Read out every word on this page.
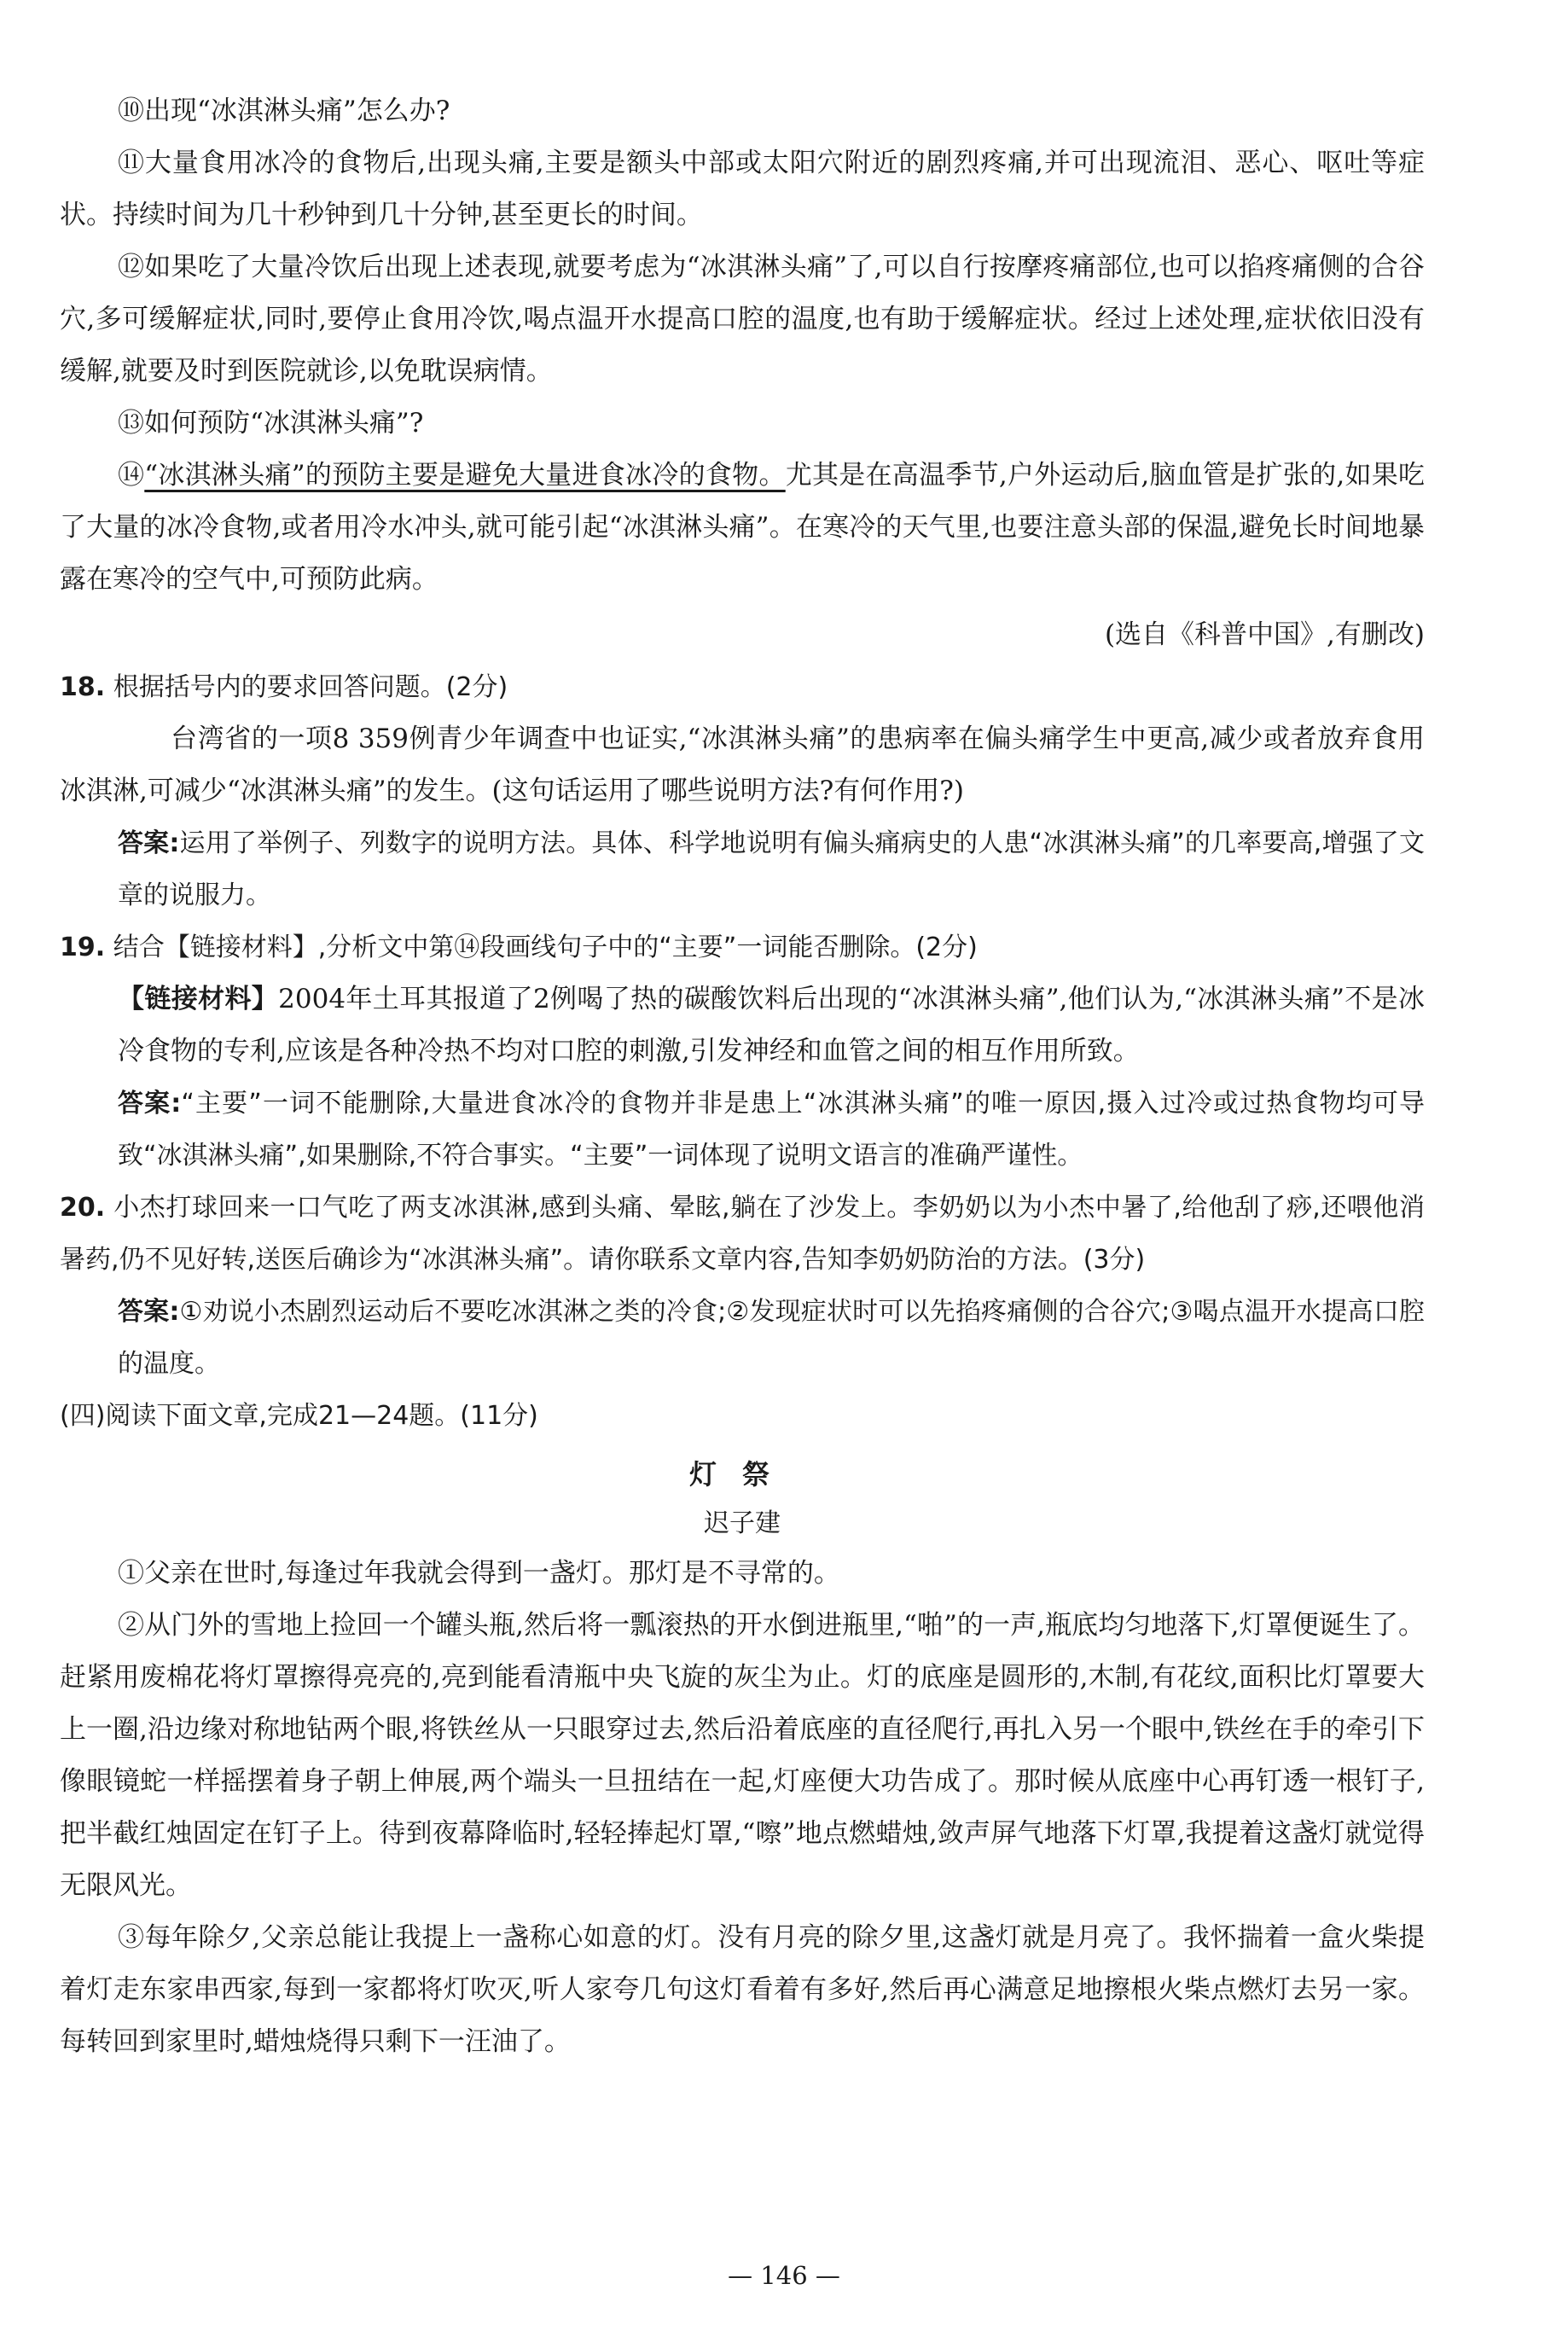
⑩出现“冰淇淋头痛”怎么办?

⑪大量食用冰冷的食物后,出现头痛,主要是额头中部或太阳穴附近的剧烈疼痛,并可出现流泪、恶心、呕吐等症状。持续时间为几十秒钟到几十分钟,甚至更长的时间。

⑫如果吃了大量冷饮后出现上述表现,就要考虑为“冰淇淋头痛”了,可以自行按摩疼痛部位,也可以掐疼痛侧的合谷穴,多可缓解症状,同时,要停止食用冷饮,喝点温开水提高口腔的温度,也有助于缓解症状。经过上述处理,症状依旧没有缓解,就要及时到医院就诊,以免耽误病情。

⑬如何预防“冰淇淋头痛”?

⑭“冰淇淋头痛”的预防主要是避免大量进食冰冷的食物。尤其是在高温季节,户外运动后,脑血管是扩张的,如果吃了大量的冰冷食物,或者用冷水冲头,就可能引起“冰淇淋头痛”。在寒冷的天气里,也要注意头部的保温,避免长时间地暴露在寒冷的空气中,可预防此病。

(选自《科普中国》,有删改)

18. 根据括号内的要求回答问题。(2分)

台湾省的一项8 359例青少年调查中也证实,“冰淇淋头痛”的患病率在偏头痛学生中更高,减少或者放弃食用冰淇淋,可减少“冰淇淋头痛”的发生。(这句话运用了哪些说明方法?有何作用?)

答案:运用了举例子、列数字的说明方法。具体、科学地说明有偏头痛病史的人患“冰淇淋头痛”的几率要高,增强了文章的说服力。

19. 结合【链接材料】,分析文中第⑭段画线句子中的“主要”一词能否删除。(2分)

【链接材料】2004年土耳其报道了2例喝了热的碳酸饮料后出现的“冰淇淋头痛”,他们认为,“冰淇淋头痛”不是冰冷食物的专利,应该是各种冷热不均对口腔的刺激,引发神经和血管之间的相互作用所致。

答案:“主要”一词不能删除,大量进食冰冷的食物并非是患上“冰淇淋头痛”的唯一原因,摄入过冷或过热食物均可导致“冰淇淋头痛”,如果删除,不符合事实。“主要”一词体现了说明文语言的准确严谨性。

20. 小杰打球回来一口气吃了两支冰淇淋,感到头痛、晕眩,躺在了沙发上。李奶奶以为小杰中暑了,给他刮了痧,还喂他消暑药,仍不见好转,送医后确诊为“冰淇淋头痛”。请你联系文章内容,告知李奶奶防治的方法。(3分)

答案:①劝说小杰剧烈运动后不要吃冰淇淋之类的冷食;②发现症状时可以先掐疼痛侧的合谷穴;③喝点温开水提高口腔的温度。

(四)阅读下面文章,完成21—24题。(11分)

灯祭
迟子建

①父亲在世时,每逢过年我就会得到一盏灯。那灯是不寻常的。

②从门外的雪地上捡回一个罐头瓶,然后将一瓢滚热的开水倒进瓶里,“啪”的一声,瓶底均匀地落下,灯罩便诞生了。赶紧用废棉花将灯罩擦得亮亮的,亮到能看清瓶中央飞旋的灰尘为止。灯的底座是圆形的,木制,有花纹,面积比灯罩要大上一圈,沿边缘对称地钻两个眼,将铁丝从一只眼穿过去,然后沿着底座的直径爬行,再扎入另一个眼中,铁丝在手的牵引下像眼镜蛇一样摇摆着身子朝上伸展,两个端头一旦扭结在一起,灯座便大功告成了。那时候从底座中心再钉透一根钉子,把半截红烛固定在钉子上。待到夜幕降临时,轻轻捧起灯罩,“嚓”地点燃蜡烛,敛声屏气地落下灯罩,我提着这盏灯就觉得无限风光。

③每年除夕,父亲总能让我提上一盏称心如意的灯。没有月亮的除夕里,这盏灯就是月亮了。我怀揣着一盒火柴提着灯走东家串西家,每到一家都将灯吹灭,听人家夸几句这灯看着有多好,然后再心满意足地擦根火柴点燃灯去另一家。每转回到家里时,蜡烛烧得只剩下一汪油了。

— 146 —
